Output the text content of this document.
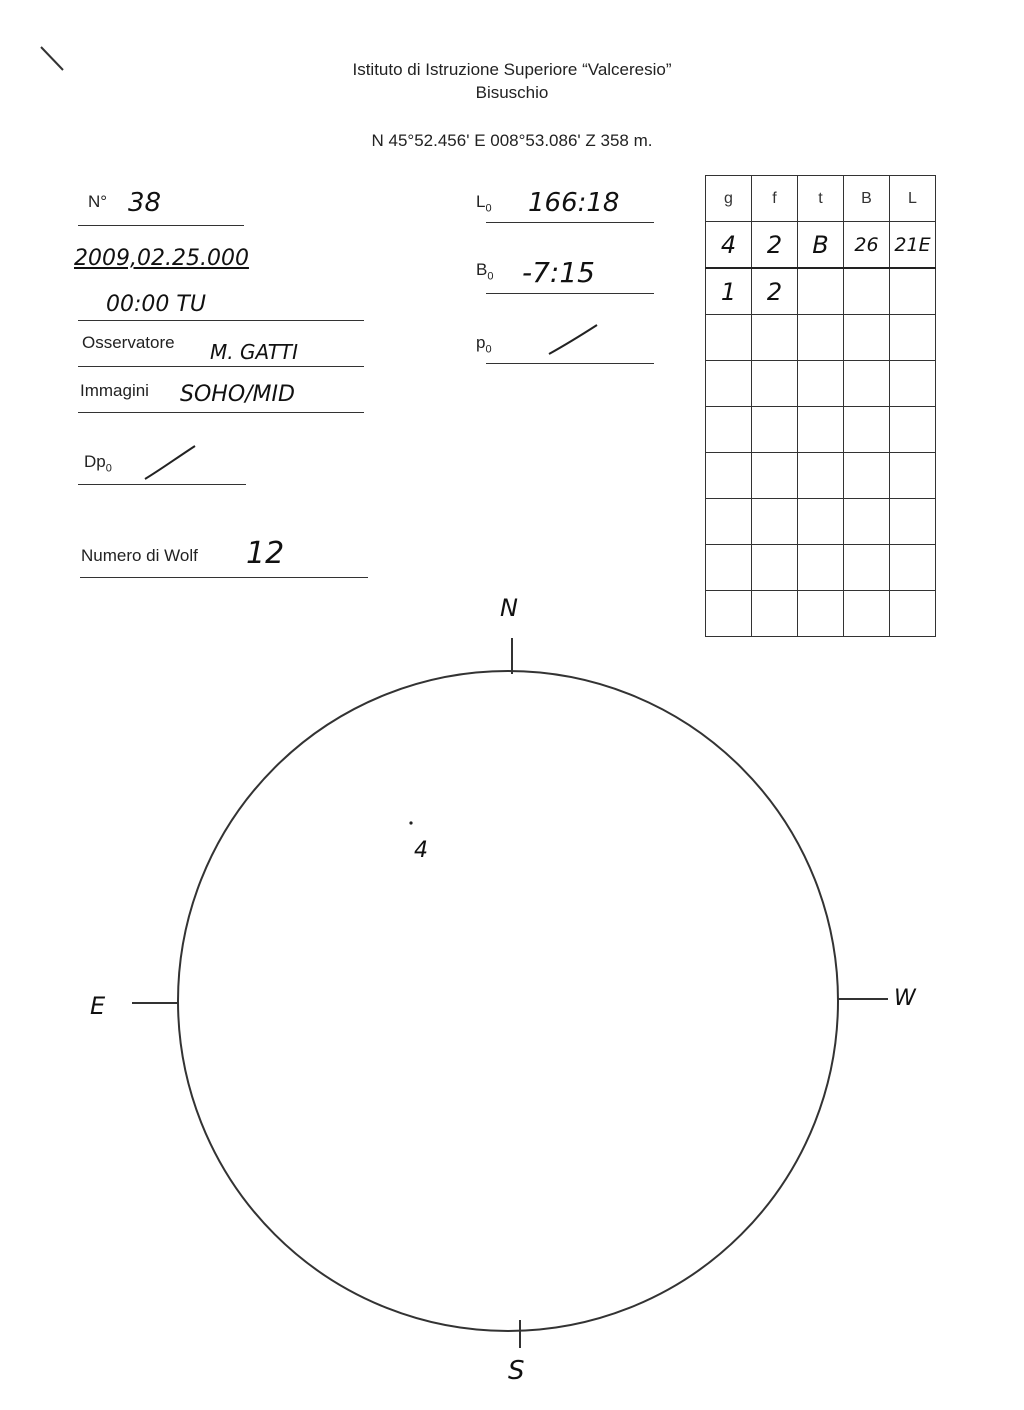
Istituto di Istruzione Superiore “Valceresio”
Bisuschio
N 45°52.456' E 008°53.086' Z 358 m.
N° 38
2009,02.25.000
00:00 TU
Osservatore M. GATTI
Immagini SOHO/MID
$Dp_0$
Numero di Wolf 12
$L_0$ 166:18
$B_0$ -7:15
$p_0$
g	f	t	B	L
4	2	B	26	21E
1	2			

N
S
E	W
4
